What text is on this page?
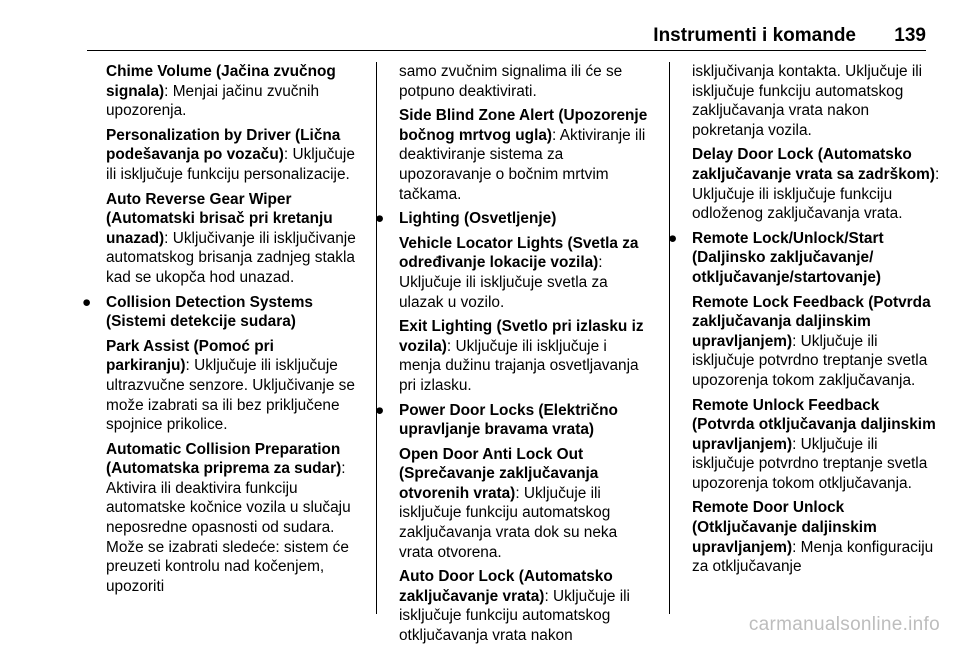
Instrumenti i komande 139

Chime Volume (Jačina zvučnog signala): Menjai jačinu zvučnih upozorenja.

Personalization by Driver (Lična podešavanja po vozaču): Uključuje ili isključuje funkciju personalizacije.

Auto Reverse Gear Wiper (Automatski brisač pri kretanju unazad): Uključivanje ili isključivanje automatskog brisanja zadnjeg stakla kad se ukopča hod unazad.

● Collision Detection Systems (Sistemi detekcije sudara)

Park Assist (Pomoć pri parkiranju): Uključuje ili isključuje ultrazvučne senzore. Uključivanje se može izabrati sa ili bez priključene spojnice prikolice.

Automatic Collision Preparation (Automatska priprema za sudar): Aktivira ili deaktivira funkciju automatske kočnice vozila u slučaju neposredne opasnosti od sudara. Može se izabrati sledeće: sistem će preuzeti kontrolu nad kočenjem, upozoriti

samo zvučnim signalima ili će se potpuno deaktivirati.

Side Blind Zone Alert (Upozorenje bočnog mrtvog ugla): Aktiviranje ili deaktiviranje sistema za upozoravanje o bočnim mrtvim tačkama.

● Lighting (Osvetljenje)

Vehicle Locator Lights (Svetla za određivanje lokacije vozila): Uključuje ili isključuje svetla za ulazak u vozilo.

Exit Lighting (Svetlo pri izlasku iz vozila): Uključuje ili isključuje i menja dužinu trajanja osvetljavanja pri izlasku.

● Power Door Locks (Električno upravljanje bravama vrata)

Open Door Anti Lock Out (Sprečavanje zaključavanja otvorenih vrata): Uključuje ili isključuje funkciju automatskog zaključavanja vrata dok su neka vrata otvorena.

Auto Door Lock (Automatsko zaključavanje vrata): Uključuje ili isključuje funkciju automatskog otključavanja vrata nakon

isključivanja kontakta. Uključuje ili isključuje funkciju automatskog zaključavanja vrata nakon pokretanja vozila.

Delay Door Lock (Automatsko zaključavanje vrata sa zadrškom): Uključuje ili isključuje funkciju odloženog zaključavanja vrata.

● Remote Lock/Unlock/Start (Daljinsko zaključavanje/ otključavanje/startovanje)

Remote Lock Feedback (Potvrda zaključavanja daljinskim upravljanjem): Uključuje ili isključuje potvrdno treptanje svetla upozorenja tokom zaključavanja.

Remote Unlock Feedback (Potvrda otključavanja daljinskim upravljanjem): Uključuje ili isključuje potvrdno treptanje svetla upozorenja tokom otključavanja.

Remote Door Unlock (Otključavanje daljinskim upravljanjem): Menja konfiguraciju za otključavanje

carmanualsonline.info
